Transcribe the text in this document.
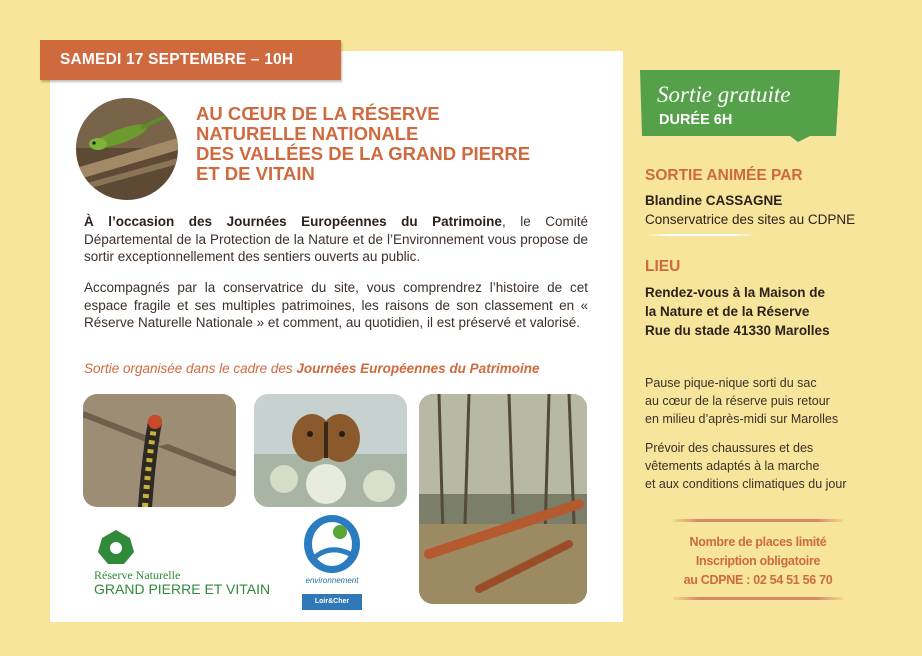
SAMEDI 17 SEPTEMBRE – 10H
AU CŒUR DE LA RÉSERVE
NATURELLE NATIONALE
DES VALLÉES DE LA GRAND PIERRE
ET DE VITAIN
À l’occasion des Journées Européennes du Patrimoine, le Comité Départemental de la Protection de la Nature et de l’Environnement vous propose de sortir exceptionnellement des sentiers ouverts au public.
Accompagnés par la conservatrice du site, vous comprendrez l’histoire de cet espace fragile et ses multiples patrimoines, les raisons de son classement en « Réserve Naturelle Nationale » et comment, au quotidien, il est préservé et valorisé.
Sortie organisée dans le cadre des Journées Européennes du Patrimoine
Réserve Naturelle
GRAND PIERRE ET VITAIN
environnement
Loir&Cher
Sortie gratuite
DURÉE 6H
SORTIE ANIMÉE PAR
Blandine CASSAGNE
Conservatrice des sites au CDPNE
LIEU
Rendez-vous à la Maison de
la Nature et de la Réserve
Rue du stade 41330 Marolles
Pause pique-nique sorti du sac
au cœur de la réserve puis retour
en milieu d’après-midi sur Marolles
Prévoir des chaussures et des
vêtements adaptés à la marche
et aux conditions climatiques du jour
Nombre de places limité
Inscription obligatoire
au CDPNE : 02 54 51 56 70
